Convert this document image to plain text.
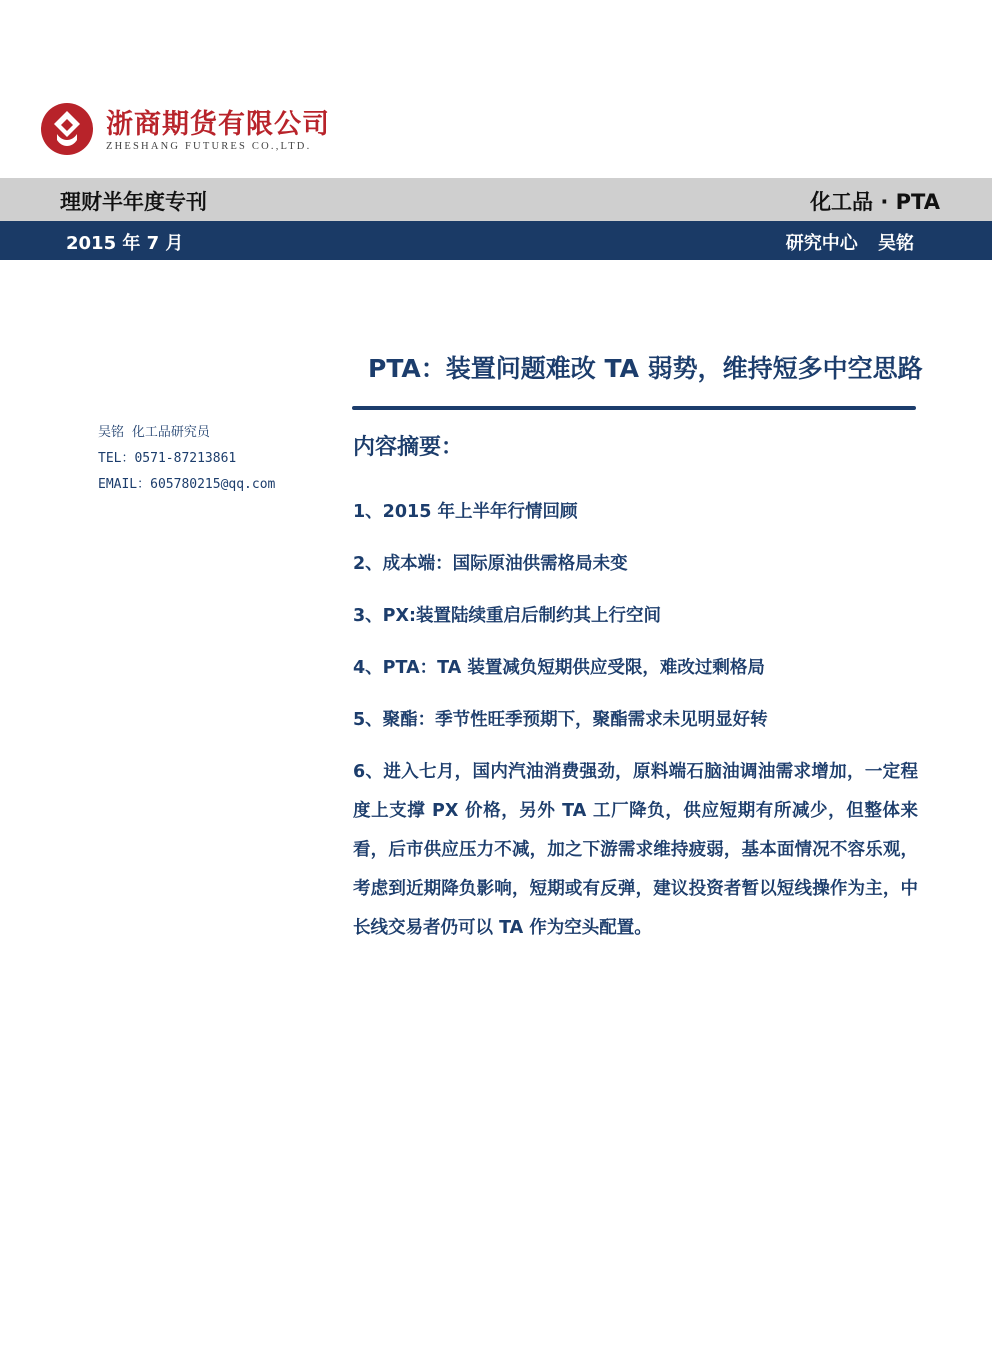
浙商期货有限公司
ZHESHANG FUTURES CO.,LTD.
理财半年度专刊	化工品 · PTA
2015 年 7 月	研究中心 吴铭
PTA：装置问题难改 TA 弱势，维持短多中空思路
吴铭 化工品研究员
TEL：0571-87213861
EMAIL：605780215@qq.com
内容摘要：
1、2015 年上半年行情回顾
2、成本端：国际原油供需格局未变
3、PX:装置陆续重启后制约其上行空间
4、PTA：TA 装置减负短期供应受限，难改过剩格局
5、聚酯：季节性旺季预期下，聚酯需求未见明显好转
6、进入七月，国内汽油消费强劲，原料端石脑油调油需求增加，一定程度上支撑 PX 价格，另外 TA 工厂降负，供应短期有所减少，但整体来看，后市供应压力不减，加之下游需求维持疲弱，基本面情况不容乐观，考虑到近期降负影响，短期或有反弹，建议投资者暂以短线操作为主，中长线交易者仍可以 TA 作为空头配置。
